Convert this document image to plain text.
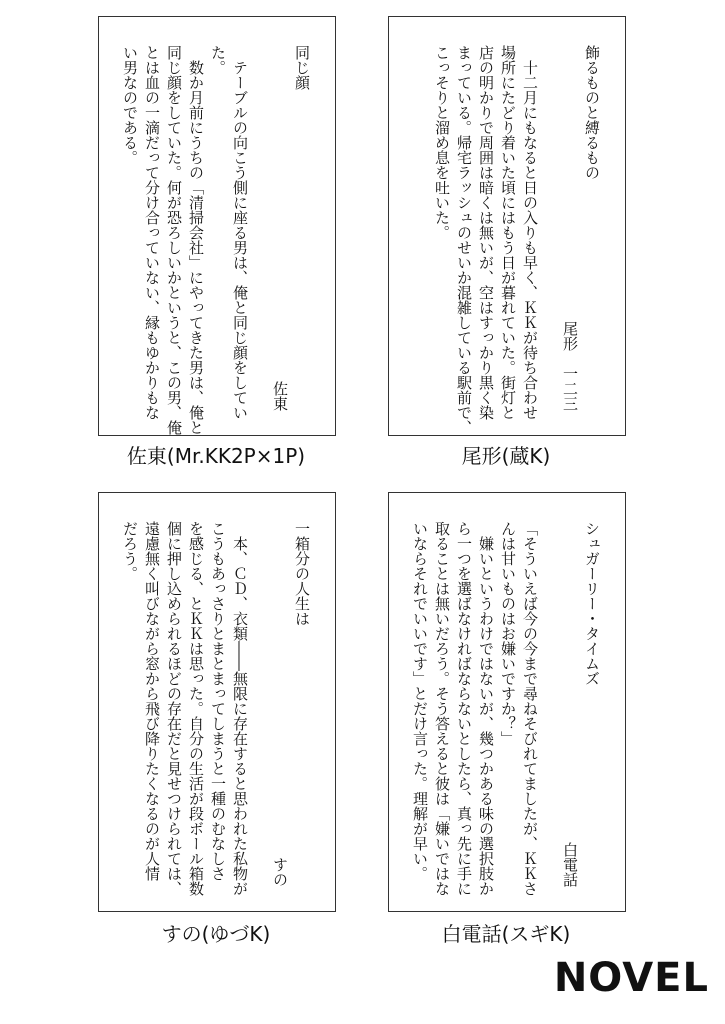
同じ顔
佐東
　テーブルの向こう側に座る男は、俺と同じ顔をしてい
た。
　数か月前にうちの「清掃会社」にやってきた男は、俺と
同じ顔をしていた。何が恐ろしいかというと、この男、俺
とは血の一滴だって分け合っていない、縁もゆかりもな
い男なのである。	飾るものと縛るもの
尾形　一二三
　十二月にもなると日の入りも早く、ＫＫが待ち合わせ
場所にたどり着いた頃にはもう日が暮れていた。街灯と
店の明かりで周囲は暗くは無いが、空はすっかり黒く染
まっている。帰宅ラッシュのせいか混雑している駅前で、
こっそりと溜め息を吐いた。
一箱分の人生は
すの
　本、ＣＤ、衣類――無限に存在すると思われた私物が
こうもあっさりとまとまってしまうと一種のむなしさ
を感じる、とＫＫは思った。自分の生活が段ボール箱数
個に押し込められるほどの存在だと見せつけられては、
遠慮無く叫びながら窓から飛び降りたくなるのが人情
だろう。	シュガーリー・タイムズ
白電話
「そういえば今の今まで尋ねそびれてましたが、ＫＫさ
んは甘いものはお嫌いですか？」
　嫌いというわけではないが、幾つかある味の選択肢か
ら一つを選ばなければならないとしたら、真っ先に手に
取ることは無いだろう。そう答えると彼は「嫌いではな
いならそれでいいです」とだけ言った。理解が早い。
佐東(Mr.KK2P×1P)	尾形(蔵K)
すの(ゆづK)	白電話(スギK)
NOVEL
